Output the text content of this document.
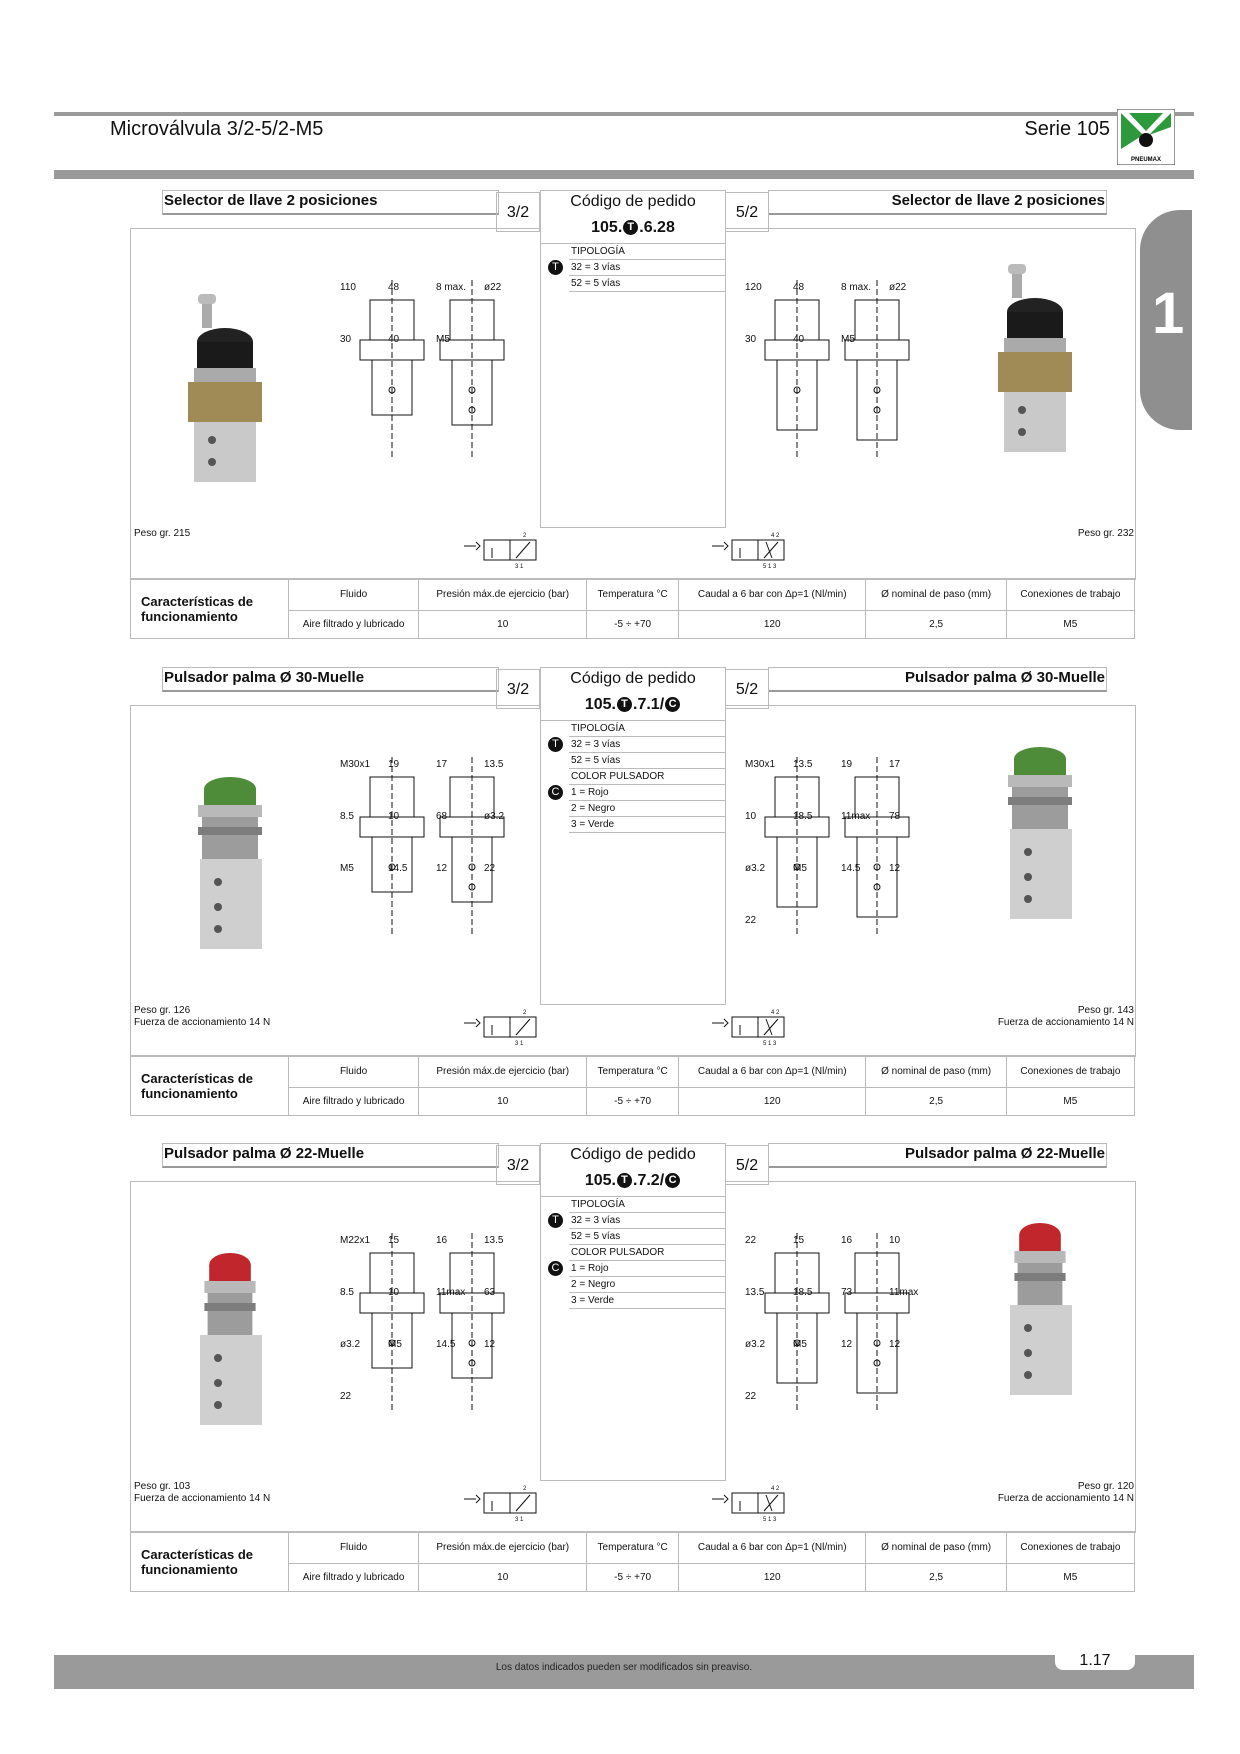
Microválvula 3/2-5/2-M5	Serie 105
PNEUMAX
1
Selector de llave 2 posiciones	Selector de llave 2 posiciones
3/2	5/2
Código de pedido
105. T .6.28
T
TIPOLOGÍA
32 = 3 vías
52 = 5 vías
110	48	8 max. ø22
30	40	M5
120	48	8 max. ø22
30	40	M5
Peso gr. 215	Peso gr. 232
2
3 1
4 2
5 1 3
Características de funcionamiento	Fluido	Presión máx.de ejercicio (bar)	Temperatura °C	Caudal a 6 bar con Δp=1 (Nl/min)	Ø nominal de paso (mm)	Conexiones de trabajo
	Aire filtrado y lubricado	10	-5 ÷ +70	120	2,5	M5
Pulsador palma Ø 30-Muelle	Pulsador palma Ø 30-Muelle
3/2	5/2
Código de pedido
105. T .7.1/ C
T
TIPOLOGÍA
32 = 3 vías
52 = 5 vías
C
COLOR PULSADOR
1 = Rojo
2 = Negro
3 = Verde
M30x1 19	17	13.5
8.5	10	68	ø3.2
M5	14.5	12	22
M30x1 13.5	19	17
10	18.5	11max 78
ø3.2	M5	14.5	12
22
Peso gr. 126
Fuerza de accionamiento 14 N
Peso gr. 143
Fuerza de accionamiento 14 N
2
3 1
4 2
5 1 3
Características de funcionamiento	Fluido	Presión máx.de ejercicio (bar)	Temperatura °C	Caudal a 6 bar con Δp=1 (Nl/min)	Ø nominal de paso (mm)	Conexiones de trabajo
	Aire filtrado y lubricado	10	-5 ÷ +70	120	2,5	M5
Pulsador palma Ø 22-Muelle	Pulsador palma Ø 22-Muelle
3/2	5/2
Código de pedido
105. T .7.2/ C
T
TIPOLOGÍA
32 = 3 vías
52 = 5 vías
C
COLOR PULSADOR
1 = Rojo
2 = Negro
3 = Verde
M22x1 15	16	13.5
8.5	10	11max 63
ø3.2	M5	14.5	12
22
22	15	16	10
13.5	18.5	73	11max
ø3.2	M5	12	12
22
Peso gr. 103
Fuerza de accionamiento 14 N
Peso gr. 120
Fuerza de accionamiento 14 N
2
3 1
4 2
5 1 3
Características de funcionamiento	Fluido	Presión máx.de ejercicio (bar)	Temperatura °C	Caudal a 6 bar con Δp=1 (Nl/min)	Ø nominal de paso (mm)	Conexiones de trabajo
	Aire filtrado y lubricado	10	-5 ÷ +70	120	2,5	M5
Los datos indicados pueden ser modificados sin preaviso.	1.17
